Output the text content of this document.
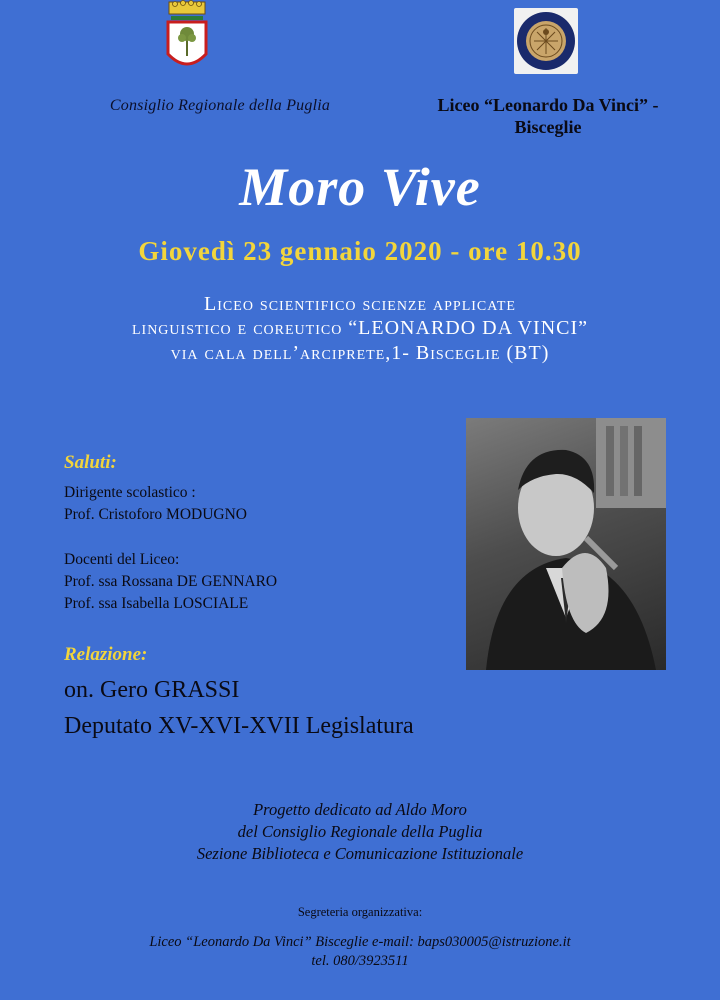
Consiglio Regionale della Puglia	Liceo “Leonardo Da Vinci” -
Bisceglie
Moro Vive
Giovedì 23 gennaio 2020 - ore 10.30
Liceo scientifico scienze applicate
linguistico e coreutico “LEONARDO DA VINCI”
via cala dell’arciprete,1- Bisceglie (BT)
Saluti:
Dirigente scolastico :
Prof. Cristoforo MODUGNO
Docenti del Liceo:
Prof. ssa Rossana DE GENNARO
Prof. ssa Isabella LOSCIALE
Relazione:
on. Gero GRASSI
Deputato XV-XVI-XVII Legislatura
Progetto dedicato ad Aldo Moro
del Consiglio Regionale della Puglia
Sezione Biblioteca e Comunicazione Istituzionale
Segreteria organizzativa:
Liceo “Leonardo Da Vinci” Bisceglie e-mail: baps030005@istruzione.it
tel. 080/3923511
